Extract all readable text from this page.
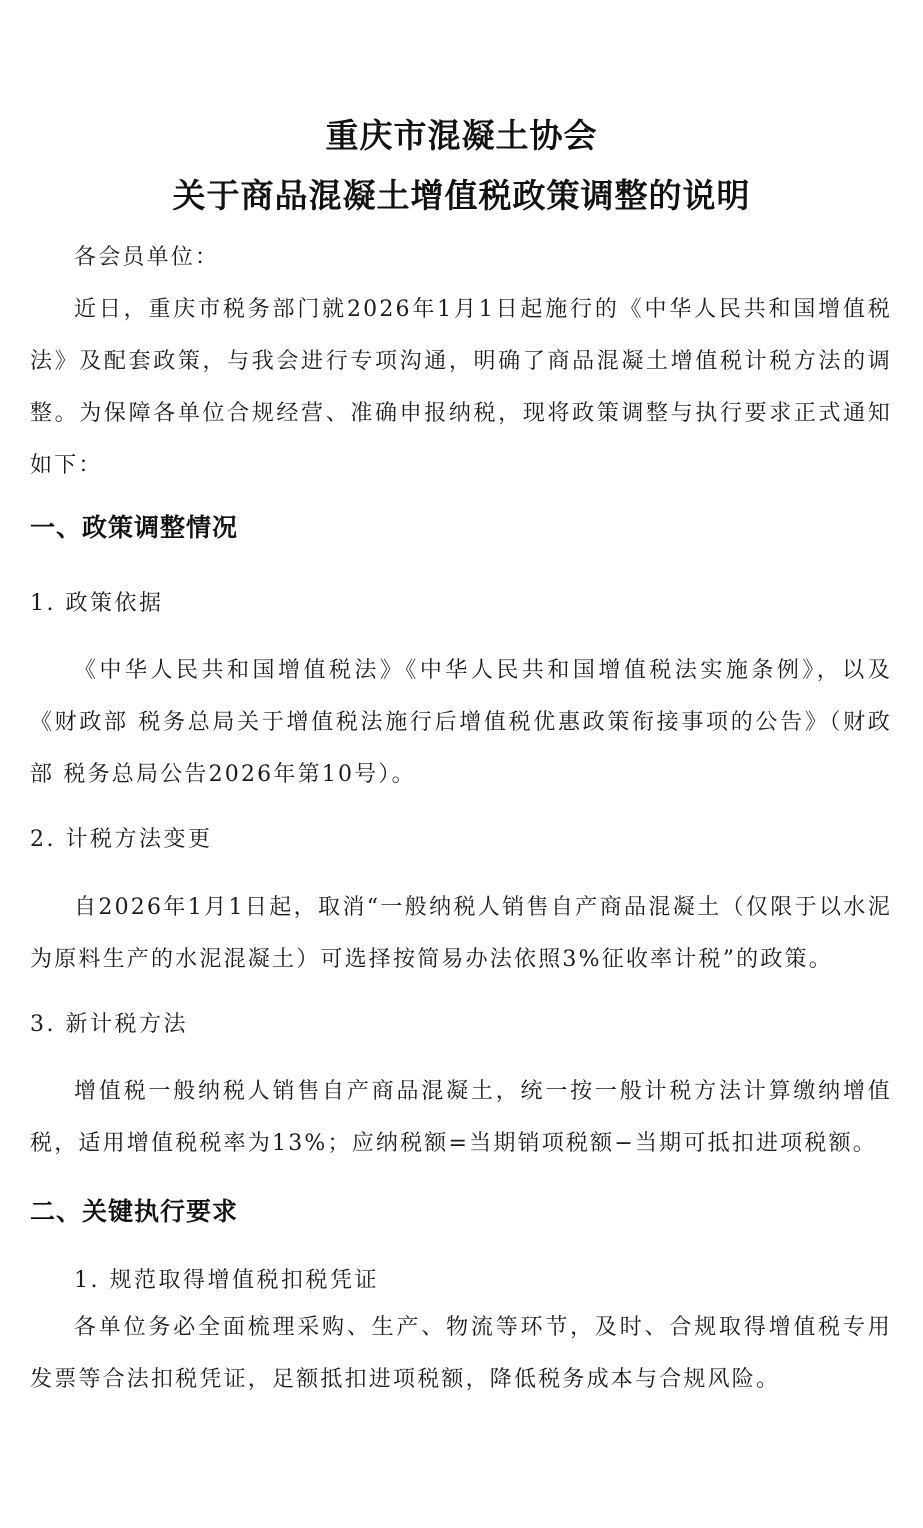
重庆市混凝土协会
关于商品混凝土增值税政策调整的说明

各会员单位：

近日，重庆市税务部门就2026年1月1日起施行的《中华人民共和国增值税法》及配套政策，与我会进行专项沟通，明确了商品混凝土增值税计税方法的调整。为保障各单位合规经营、准确申报纳税，现将政策调整与执行要求正式通知如下：

一、政策调整情况
1. 政策依据

《中华人民共和国增值税法》《中华人民共和国增值税法实施条例》，以及《财政部 税务总局关于增值税法施行后增值税优惠政策衔接事项的公告》（财政部 税务总局公告2026年第10号）。

2. 计税方法变更

自2026年1月1日起，取消“一般纳税人销售自产商品混凝土（仅限于以水泥为原料生产的水泥混凝土）可选择按简易办法依照3%征收率计税”的政策。

3. 新计税方法

增值税一般纳税人销售自产商品混凝土，统一按一般计税方法计算缴纳增值税，适用增值税税率为13%；应纳税额=当期销项税额−当期可抵扣进项税额。

二、关键执行要求
1. 规范取得增值税扣税凭证

各单位务必全面梳理采购、生产、物流等环节，及时、合规取得增值税专用发票等合法扣税凭证，足额抵扣进项税额，降低税务成本与合规风险。
